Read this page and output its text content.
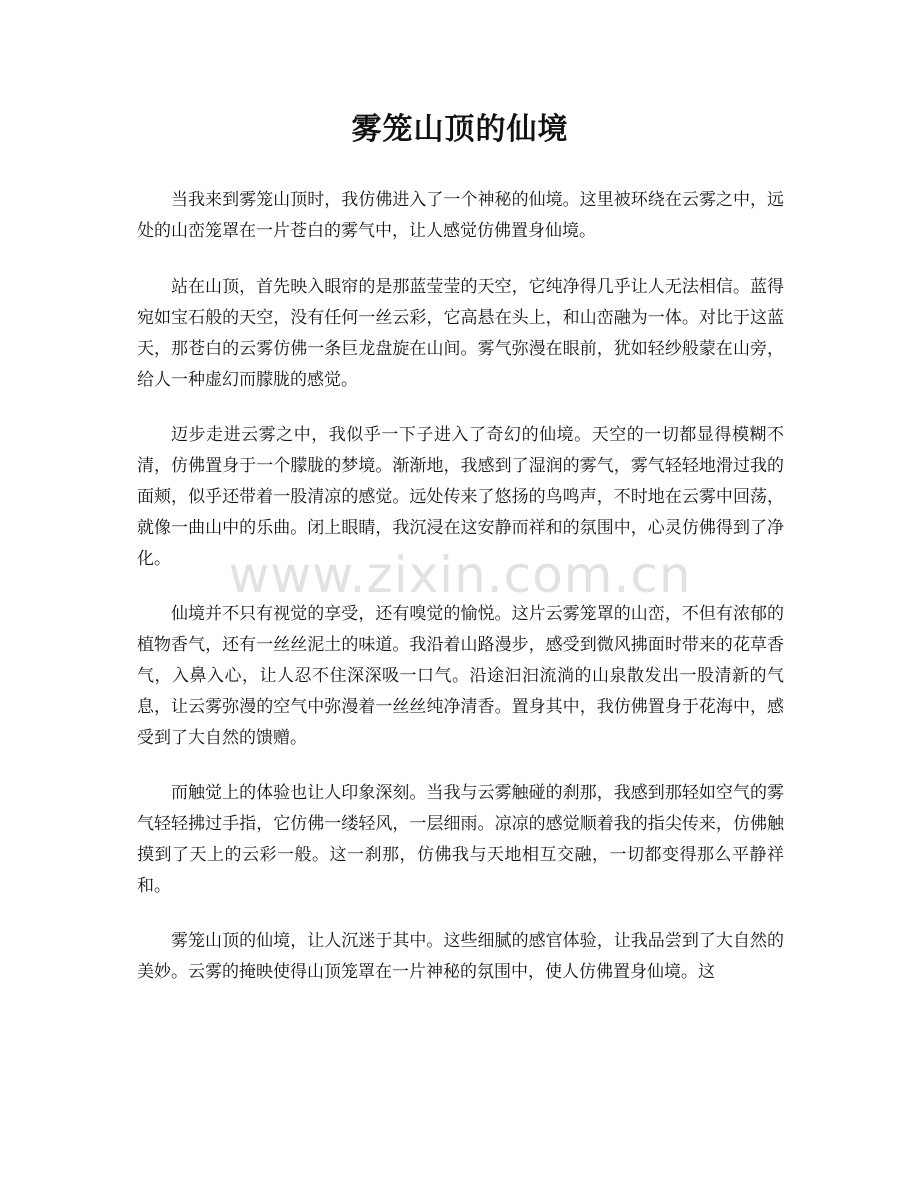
雾笼山顶的仙境

当我来到雾笼山顶时，我仿佛进入了一个神秘的仙境。这里被环绕在云雾之中，远处的山峦笼罩在一片苍白的雾气中，让人感觉仿佛置身仙境。

站在山顶，首先映入眼帘的是那蓝莹莹的天空，它纯净得几乎让人无法相信。蓝得宛如宝石般的天空，没有任何一丝云彩，它高悬在头上，和山峦融为一体。对比于这蓝天，那苍白的云雾仿佛一条巨龙盘旋在山间。雾气弥漫在眼前，犹如轻纱般蒙在山旁，给人一种虚幻而朦胧的感觉。

迈步走进云雾之中，我似乎一下子进入了奇幻的仙境。天空的一切都显得模糊不清，仿佛置身于一个朦胧的梦境。渐渐地，我感到了湿润的雾气，雾气轻轻地滑过我的面颊，似乎还带着一股清凉的感觉。远处传来了悠扬的鸟鸣声，不时地在云雾中回荡，就像一曲山中的乐曲。闭上眼睛，我沉浸在这安静而祥和的氛围中，心灵仿佛得到了净化。

仙境并不只有视觉的享受，还有嗅觉的愉悦。这片云雾笼罩的山峦，不但有浓郁的植物香气，还有一丝丝泥土的味道。我沿着山路漫步，感受到微风拂面时带来的花草香气，入鼻入心，让人忍不住深深吸一口气。沿途汩汩流淌的山泉散发出一股清新的气息，让云雾弥漫的空气中弥漫着一丝丝纯净清香。置身其中，我仿佛置身于花海中，感受到了大自然的馈赠。

而触觉上的体验也让人印象深刻。当我与云雾触碰的刹那，我感到那轻如空气的雾气轻轻拂过手指，它仿佛一缕轻风，一层细雨。凉凉的感觉顺着我的指尖传来，仿佛触摸到了天上的云彩一般。这一刹那，仿佛我与天地相互交融，一切都变得那么平静祥和。

雾笼山顶的仙境，让人沉迷于其中。这些细腻的感官体验，让我品尝到了大自然的美妙。云雾的掩映使得山顶笼罩在一片神秘的氛围中，使人仿佛置身仙境。这

www.zixin.com.cn
